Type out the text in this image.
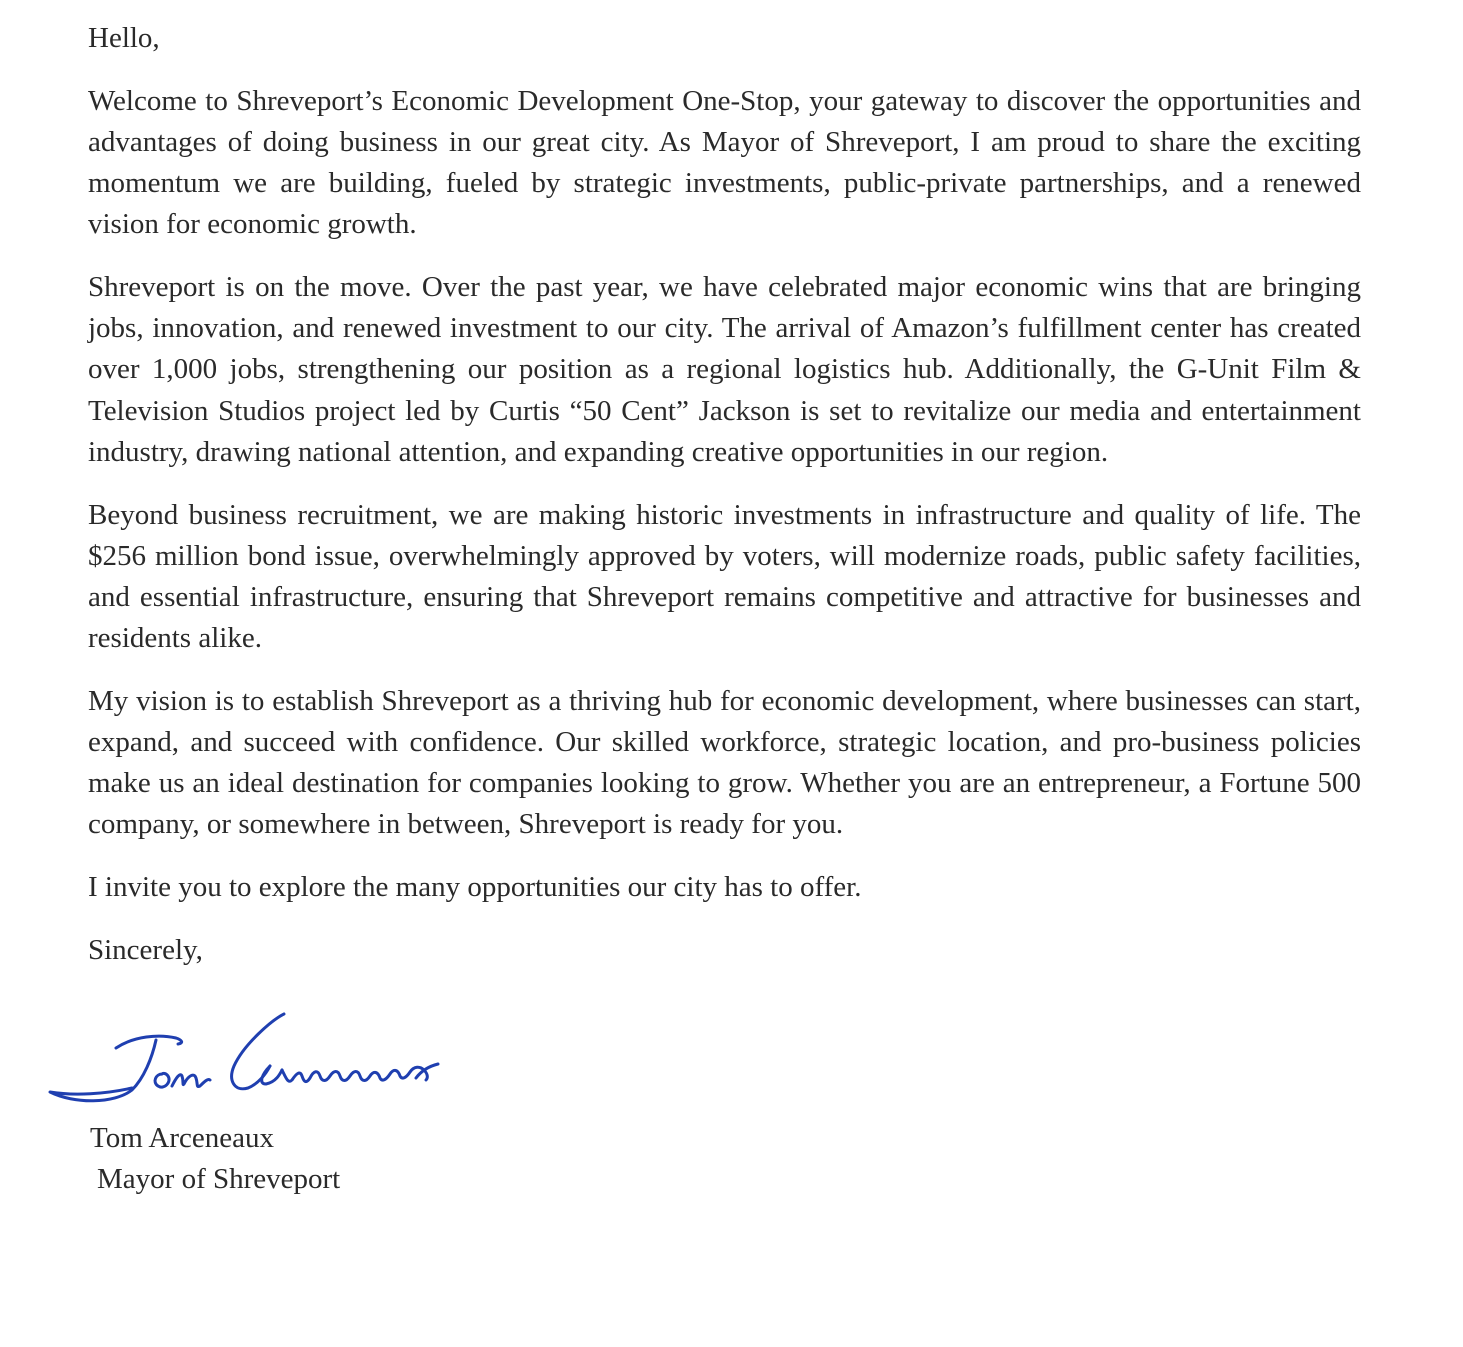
Hello,

Welcome to Shreveport’s Economic Development One-Stop, your gateway to discover the opportunities and advantages of doing business in our great city. As Mayor of Shreveport, I am proud to share the exciting momentum we are building, fueled by strategic investments, public-private partnerships, and a renewed vision for economic growth.

Shreveport is on the move. Over the past year, we have celebrated major economic wins that are bringing jobs, innovation, and renewed investment to our city. The arrival of Amazon’s fulfillment center has created over 1,000 jobs, strengthening our position as a regional logistics hub. Additionally, the G-Unit Film & Television Studios project led by Curtis “50 Cent” Jackson is set to revitalize our media and entertainment industry, drawing national attention, and expanding creative opportunities in our region.

Beyond business recruitment, we are making historic investments in infrastructure and quality of life. The $256 million bond issue, overwhelmingly approved by voters, will modernize roads, public safety facilities, and essential infrastructure, ensuring that Shreveport remains competitive and attractive for businesses and residents alike.

My vision is to establish Shreveport as a thriving hub for economic development, where businesses can start, expand, and succeed with confidence. Our skilled workforce, strategic location, and pro-business policies make us an ideal destination for companies looking to grow. Whether you are an entrepreneur, a Fortune 500 company, or somewhere in between, Shreveport is ready for you.

I invite you to explore the many opportunities our city has to offer.

Sincerely,

Tom Arceneaux
Mayor of Shreveport
